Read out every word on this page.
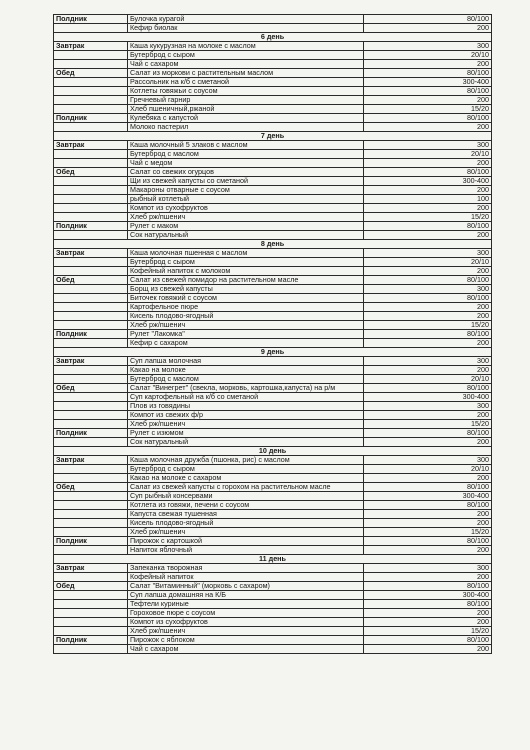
Полдник	Булочка курагой	80/100
	Кефир биолак	200
6 день		
Завтрак	Каша кукурузная на молоке с маслом	300
	Бутерброд с сыром	20/10
	Чай с сахаром	200
Обед	Салат из моркови с растительным маслом	80/100
	Рассольник на к/б с сметаной	300-400
	Котлеты говяжьи с соусом	80/100
	Гречневый гарнир	200
	Хлеб пшеничный,ржаной	15/20
Полдник	Кулебяка с капустой	80/100
	Молоко пастерил	200
7 день		
Завтрак	Каша молочный 5 злаков с маслом	300
	Бутерброд с маслом	20/10
	Чай с медом	200
Обед	Салат со свежих огурцов	80/100
	Щи из свежей капусты со сметаной	300-400
	Макароны отварные с соусом	200
	рыбный котлетый	100
	Компот из сухофруктов	200
	Хлеб рж/пшенич	15/20
Полдник	Рулет с маком	80/100
	Сок натуральный	200
8 день		
Завтрак	Каша молочная пшенная с маслом	300
	Бутерброд с сыром	20/10
	Кофейный напиток с молоком	200
Обед	Салат из свежей помидор на растительном масле	80/100
	Борщ из свежей капусты	300
	Биточек говяжий с соусом	80/100
	Картофельное пюре	200
	Кисель плодово-ягодный	200
	Хлеб рж/пшенич	15/20
Полдник	Рулет "Лакомка"	80/100
	Кефир с сахаром	200
9 день		
Завтрак	Суп лапша молочная	300
	Какао на молоке	200
	Бутерброд с маслом	20/10
Обед	Салат "Винегрет" (свекла, морковь, картошка,капуста) на р/м	80/100
	Суп картофельный на к/б со сметаной	300-400
	Плов из говядины	300
	Компот из свежих ф/р	200
	Хлеб рж/пшенич	15/20
Полдник	Рулет с изюмом	80/100
	Сок натуральный	200
10 день		
Завтрак	Каша молочная дружба (пшонка, рис) с маслом	300
	Бутерброд с сыром	20/10
	Какао на молоке с сахаром	200
Обед	Салат из свежей капусты с горохом на растительном масле	80/100
	Суп рыбный консервами	300-400
	Котлета из говяжи, печени с соусом	80/100
	Капуста свежая тушенная	200
	Кисель плодово-ягодный	200
	Хлеб рж/пшенич	15/20
Полдник	Пирожок с картошкой	80/100
	Напиток яблочный	200
11 день		
Завтрак	Запеканка творожная	300
	Кофейный напиток	200
Обед	Салат "Витаминный" (морковь с сахаром)	80/100
	Суп лапша домашняя на К/Б	300-400
	Тефтели куриные	80/100
	Гороховое пюре с соусом	200
	Компот из сухофруктов	200
	Хлеб рж/пшенич	15/20
Полдник	Пирожок с яблоком	80/100
	Чай с сахаром	200
